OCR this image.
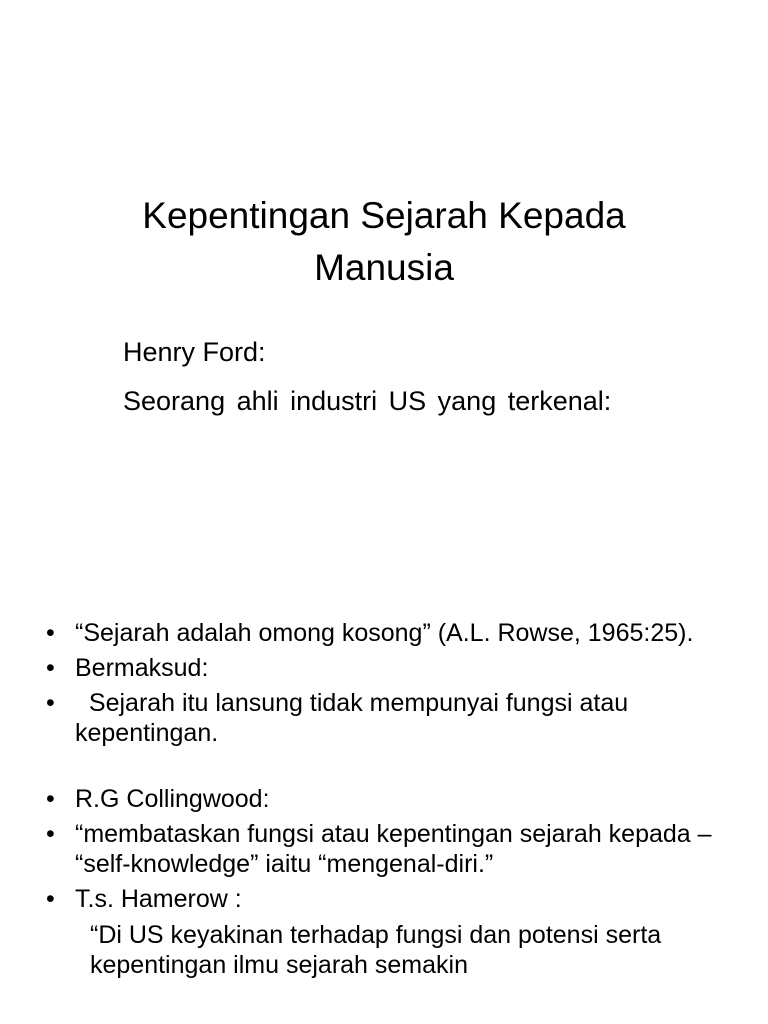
Kepentingan Sejarah Kepada
Manusia
Henry Ford:
Seorang ahli industri US yang terkenal:
• “Sejarah adalah omong kosong” (A.L. Rowse, 1965:25).
• Bermaksud:
• Sejarah itu lansung tidak mempunyai fungsi atau kepentingan.
• R.G Collingwood:
• “membataskan fungsi atau kepentingan sejarah kepada – “self-knowledge” iaitu “mengenal-diri.”
• T.s. Hamerow :
“Di US keyakinan terhadap fungsi dan potensi serta kepentingan ilmu sejarah semakin
